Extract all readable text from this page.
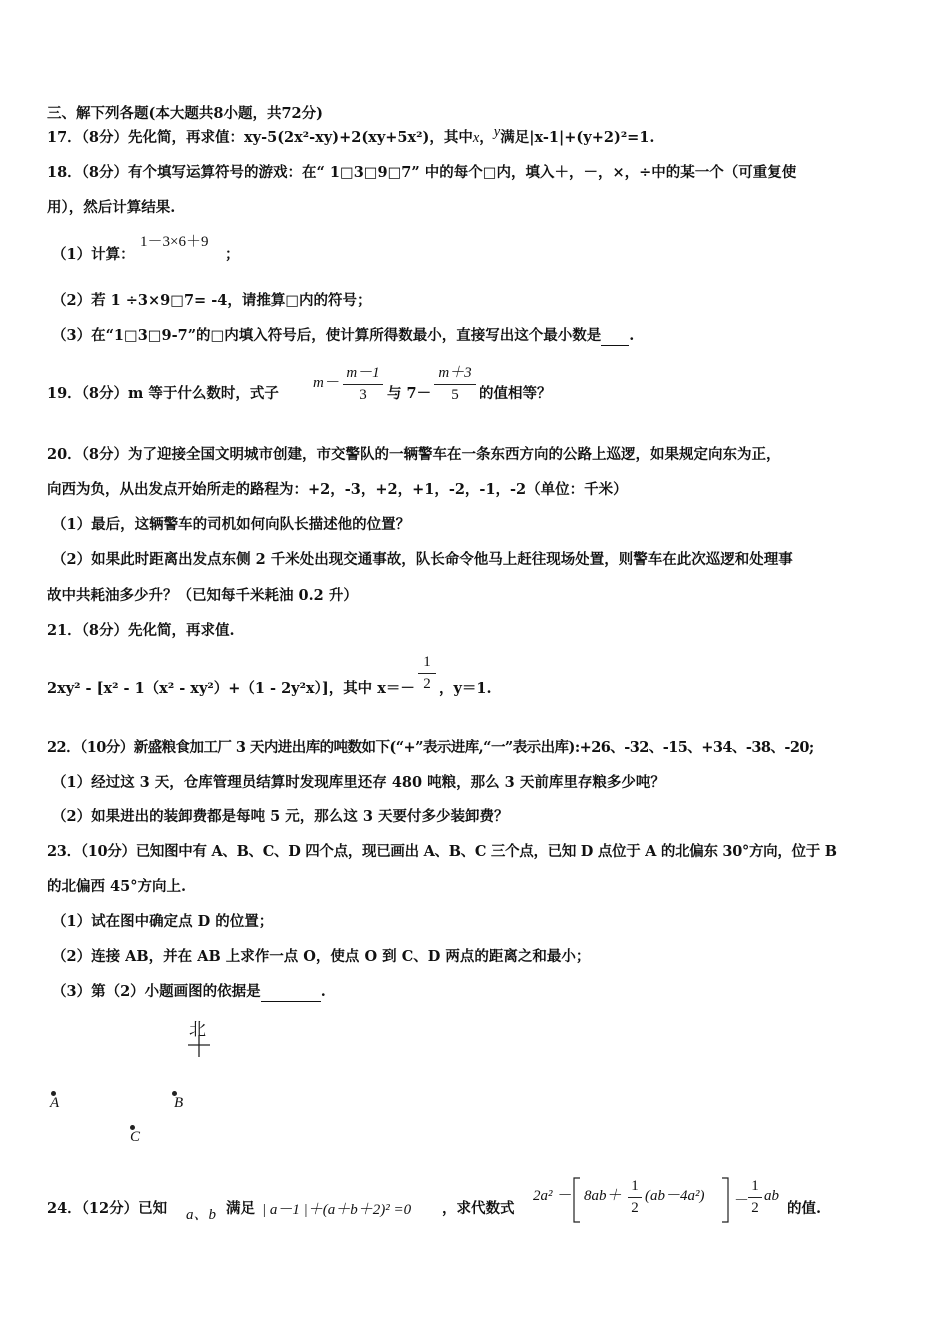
三、解下列各题(本大题共8小题，共72分)
17．（8分）先化简，再求值：xy-5(2x²-xy)+2(xy+5x²)，其中x，y满足|x-1|+(y+2)²=1.
18．（8分）有个填写运算符号的游戏：在“ 1□3□9□7” 中的每个□内，填入＋，－，×，÷中的某一个（可重复使
用），然后计算结果.
（1）计算：
1－3×6＋9
；
（2）若 1 ÷3×9□7= -4，请推算□内的符号；
（3）在“1□3□9-7”的□内填入符号后，使计算所得数最小，直接写出这个最小数是 .
19．（8分）m 等于什么数时，式子
m－
m－1
3	与 7－
m＋3
5	的值相等？
20．（8分）为了迎接全国文明城市创建，市交警队的一辆警车在一条东西方向的公路上巡逻，如果规定向东为正，
向西为负，从出发点开始所走的路程为：+2，-3，+2，+1，-2，-1，-2（单位：千米）
（1）最后，这辆警车的司机如何向队长描述他的位置？
（2）如果此时距离出发点东侧 2 千米处出现交通事故，队长命令他马上赶往现场处置，则警车在此次巡逻和处理事
故中共耗油多少升？（已知每千米耗油 0.2 升）
21．（8分）先化简，再求值.
2xy² - [x² - 1（x² - xy²）+（1 - 2y²x）]，其中 x＝－
1
2 ，y＝1.
22．（10分）新盛粮食加工厂 3 天内进出库的吨数如下(“+”表示进库,“一”表示出库):+26、-32、-15、+34、-38、-20;
（1）经过这 3 天，仓库管理员结算时发现库里还存 480 吨粮，那么 3 天前库里存粮多少吨？
（2）如果进出的装卸费都是每吨 5 元，那么这 3 天要付多少装卸费？
23．（10分）已知图中有 A、B、C、D 四个点，现已画出 A、B、C 三个点，已知 D 点位于 A 的北偏东 30°方向，位于 B
的北偏西 45°方向上.
（1）试在图中确定点 D 的位置；
（2）连接 AB，并在 AB 上求作一点 O，使点 O 到 C、D 两点的距离之和最小；
（3）第（2）小题画图的依据是	.
北
A	B
C
24．（12分）已知 a、b 满足 | a－1 |＋(a＋b＋2)² =0 ，求代数式
2a² － 8ab＋
1
2
(ab－4a²) －
1
2
ab
的值.
